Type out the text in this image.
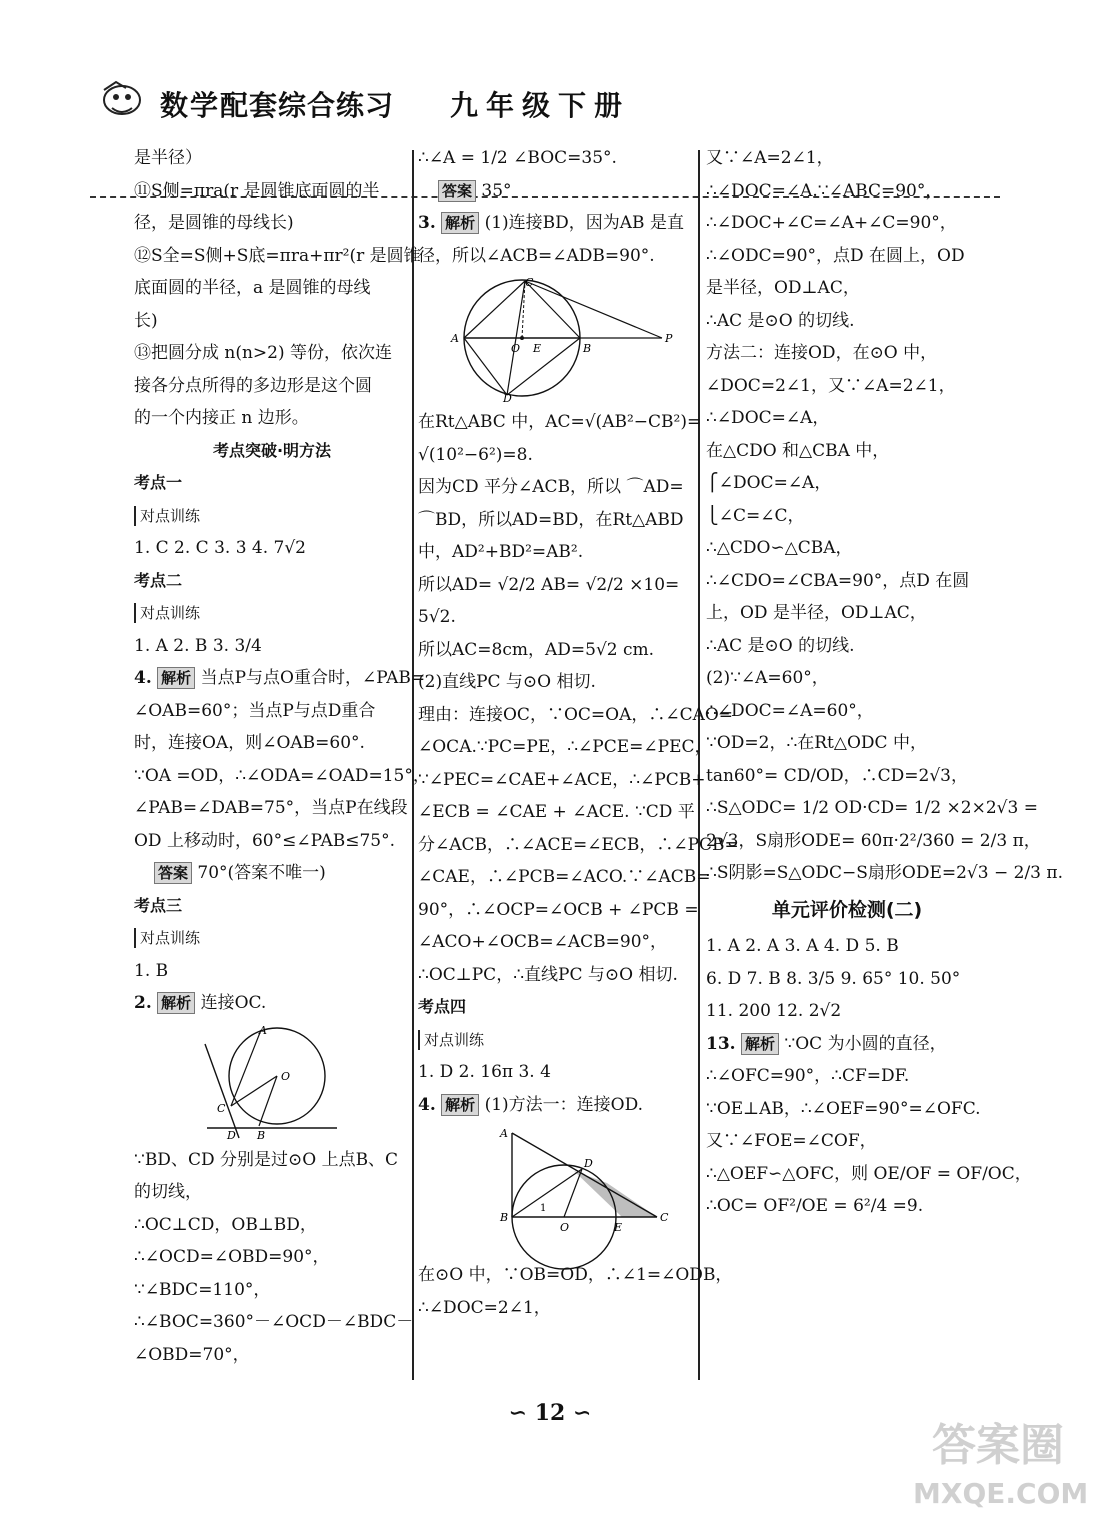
数学配套综合练习 九年级下册
是半径）
⑪S侧=πra(r 是圆锥底面圆的半
径，是圆锥的母线长)
⑫S全=S侧+S底=πra+πr²(r 是圆锥
底面圆的半径，a 是圆锥的母线
长)
⑬把圆分成 n(n>2) 等份，依次连
接各分点所得的多边形是这个圆
的一个内接正 n 边形。
考点突破·明方法
考点一
对点训练
1. C 2. C 3. 3 4. 7√2
考点二
对点训练
1. A 2. B 3. 3/4
4. 解析 当点P与点O重合时，∠PAB=
∠OAB=60°；当点P与点D重合
时，连接OA，则∠OAB=60°.
∵OA =OD，∴∠ODA=∠OAD=15°，
∠PAB=∠DAB=75°，当点P在线段
OD 上移动时，60°≤∠PAB≤75°.
答案 70°(答案不唯一)
考点三
对点训练
1. B
2. 解析 连接OC.
A
O
C
D B
∵BD、CD 分别是过⊙O 上点B、C
的切线，
∴OC⊥CD，OB⊥BD，
∴∠OCD=∠OBD=90°，
∵∠BDC=110°，
∴∠BOC=360°－∠OCD－∠BDC－
∠OBD=70°，
∴∠A = 1/2 ∠BOC=35°.
答案 35°
3. 解析 (1)连接BD，因为AB 是直
径，所以∠ACB=∠ADB=90°.
A
C
O E	B
P
D
在Rt△ABC 中，AC=√(AB²−CB²)=
√(10²−6²)=8.
因为CD 平分∠ACB，所以 ⌒AD=
⌒BD，所以AD=BD，在Rt△ABD
中，AD²+BD²=AB².
所以AD= √2/2 AB= √2/2 ×10=
5√2.
所以AC=8cm，AD=5√2 cm.
(2)直线PC 与⊙O 相切.
理由：连接OC，∵OC=OA，∴∠CAO=
∠OCA.∵PC=PE，∴∠PCE=∠PEC，
∵∠PEC=∠CAE+∠ACE，∴∠PCB+
∠ECB = ∠CAE + ∠ACE. ∵CD 平
分∠ACB，∴∠ACE=∠ECB，∴∠PCB=
∠CAE，∴∠PCB=∠ACO.∵∠ACB=
90°，∴∠OCP=∠OCB + ∠PCB =
∠ACO+∠OCB=∠ACB=90°，
∴OC⊥PC，∴直线PC 与⊙O 相切.
考点四
对点训练
1. D 2. 16π 3. 4
4. 解析 (1)方法一：连接OD.
A
D
B
O	E
C
1
在⊙O 中，∵OB=OD，∴∠1=∠ODB，
∴∠DOC=2∠1，
又∵∠A=2∠1，
∴∠DOC=∠A.∵∠ABC=90°，
∴∠DOC+∠C=∠A+∠C=90°，
∴∠ODC=90°，点D 在圆上，OD
是半径，OD⊥AC，
∴AC 是⊙O 的切线.
方法二：连接OD，在⊙O 中，
∠DOC=2∠1，又∵∠A=2∠1，
∴∠DOC=∠A，
在△CDO 和△CBA 中，
⎧∠DOC=∠A，
⎩∠C=∠C，
∴△CDO∽△CBA，
∴∠CDO=∠CBA=90°，点D 在圆
上，OD 是半径，OD⊥AC，
∴AC 是⊙O 的切线.
(2)∵∠A=60°，
∴∠DOC=∠A=60°，
∵OD=2，∴在Rt△ODC 中，
tan60°= CD/OD，∴CD=2√3，
∴S△ODC= 1/2 OD·CD= 1/2 ×2×2√3 =
2√3，S扇形ODE= 60π·2²/360 = 2/3 π，
∴S阴影=S△ODC−S扇形ODE=2√3 − 2/3 π.
单元评价检测(二)
1. A 2. A 3. A 4. D 5. B
6. D 7. B 8. 3/5 9. 65° 10. 50°
11. 200 12. 2√2
13. 解析 ∵OC 为小圆的直径，
∴∠OFC=90°，∴CF=DF.
∵OE⊥AB，∴∠OEF=90°=∠OFC.
又∵∠FOE=∠COF，
∴△OEF∽△OFC，则 OE/OF = OF/OC，
∴OC= OF²/OE = 6²/4 =9.
∽ 12 ∽
答案圈
MXQE.COM
